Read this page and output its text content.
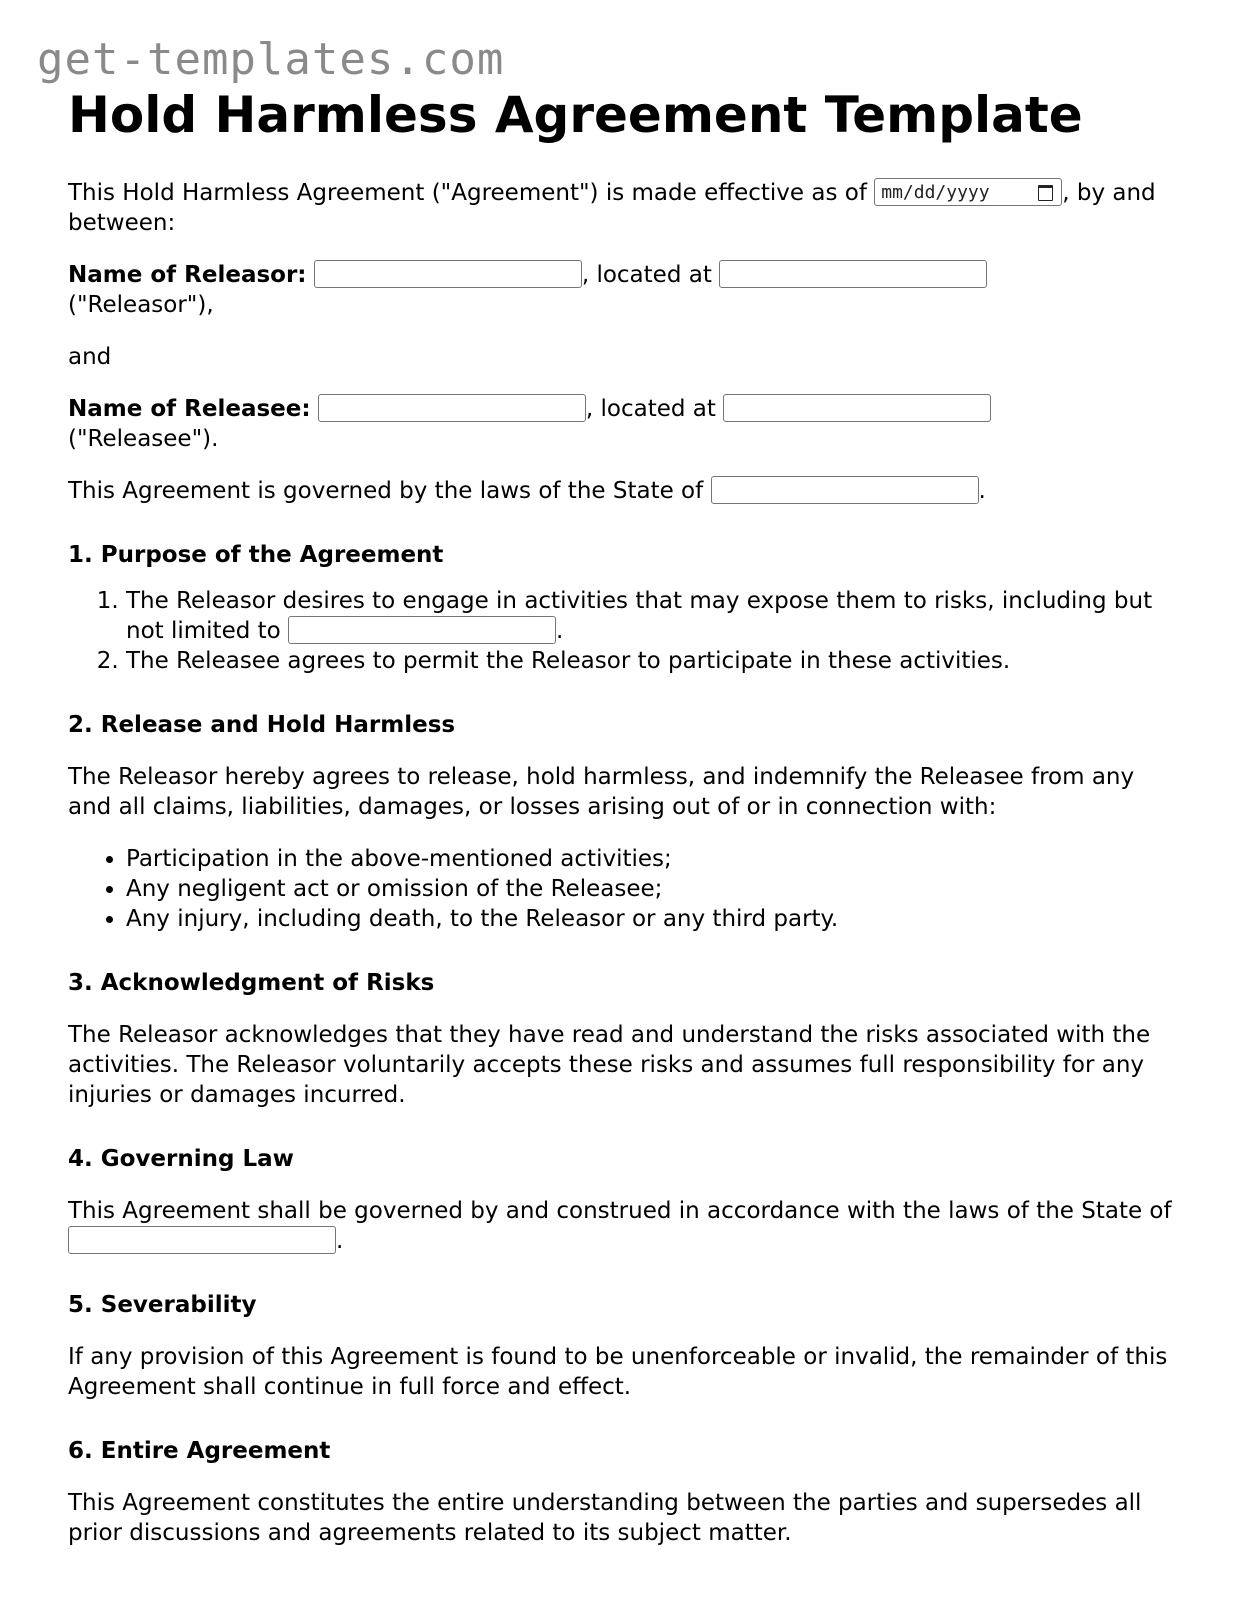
get-templates.com
Hold Harmless Agreement Template

This Hold Harmless Agreement ("Agreement") is made effective as of mm/dd/yyyy	, by and between:

Name of Releasor:	, located at
("Releasor"),

and

Name of Releasee:	, located at
("Releasee").

This Agreement is governed by the laws of the State of	.

1. Purpose of the Agreement
1. The Releasor desires to engage in activities that may expose them to risks, including but not limited to	.
2. The Releasee agrees to permit the Releasor to participate in these activities.
2. Release and Hold Harmless

The Releasor hereby agrees to release, hold harmless, and indemnify the Releasee from any and all claims, liabilities, damages, or losses arising out of or in connection with:

• Participation in the above-mentioned activities;
• Any negligent act or omission of the Releasee;
• Any injury, including death, to the Releasor or any third party.
3. Acknowledgment of Risks

The Releasor acknowledges that they have read and understand the risks associated with the activities. The Releasor voluntarily accepts these risks and assumes full responsibility for any injuries or damages incurred.

4. Governing Law

This Agreement shall be governed by and construed in accordance with the laws of the State of .

5. Severability

If any provision of this Agreement is found to be unenforceable or invalid, the remainder of this Agreement shall continue in full force and effect.

6. Entire Agreement

This Agreement constitutes the entire understanding between the parties and supersedes all prior discussions and agreements related to its subject matter.
